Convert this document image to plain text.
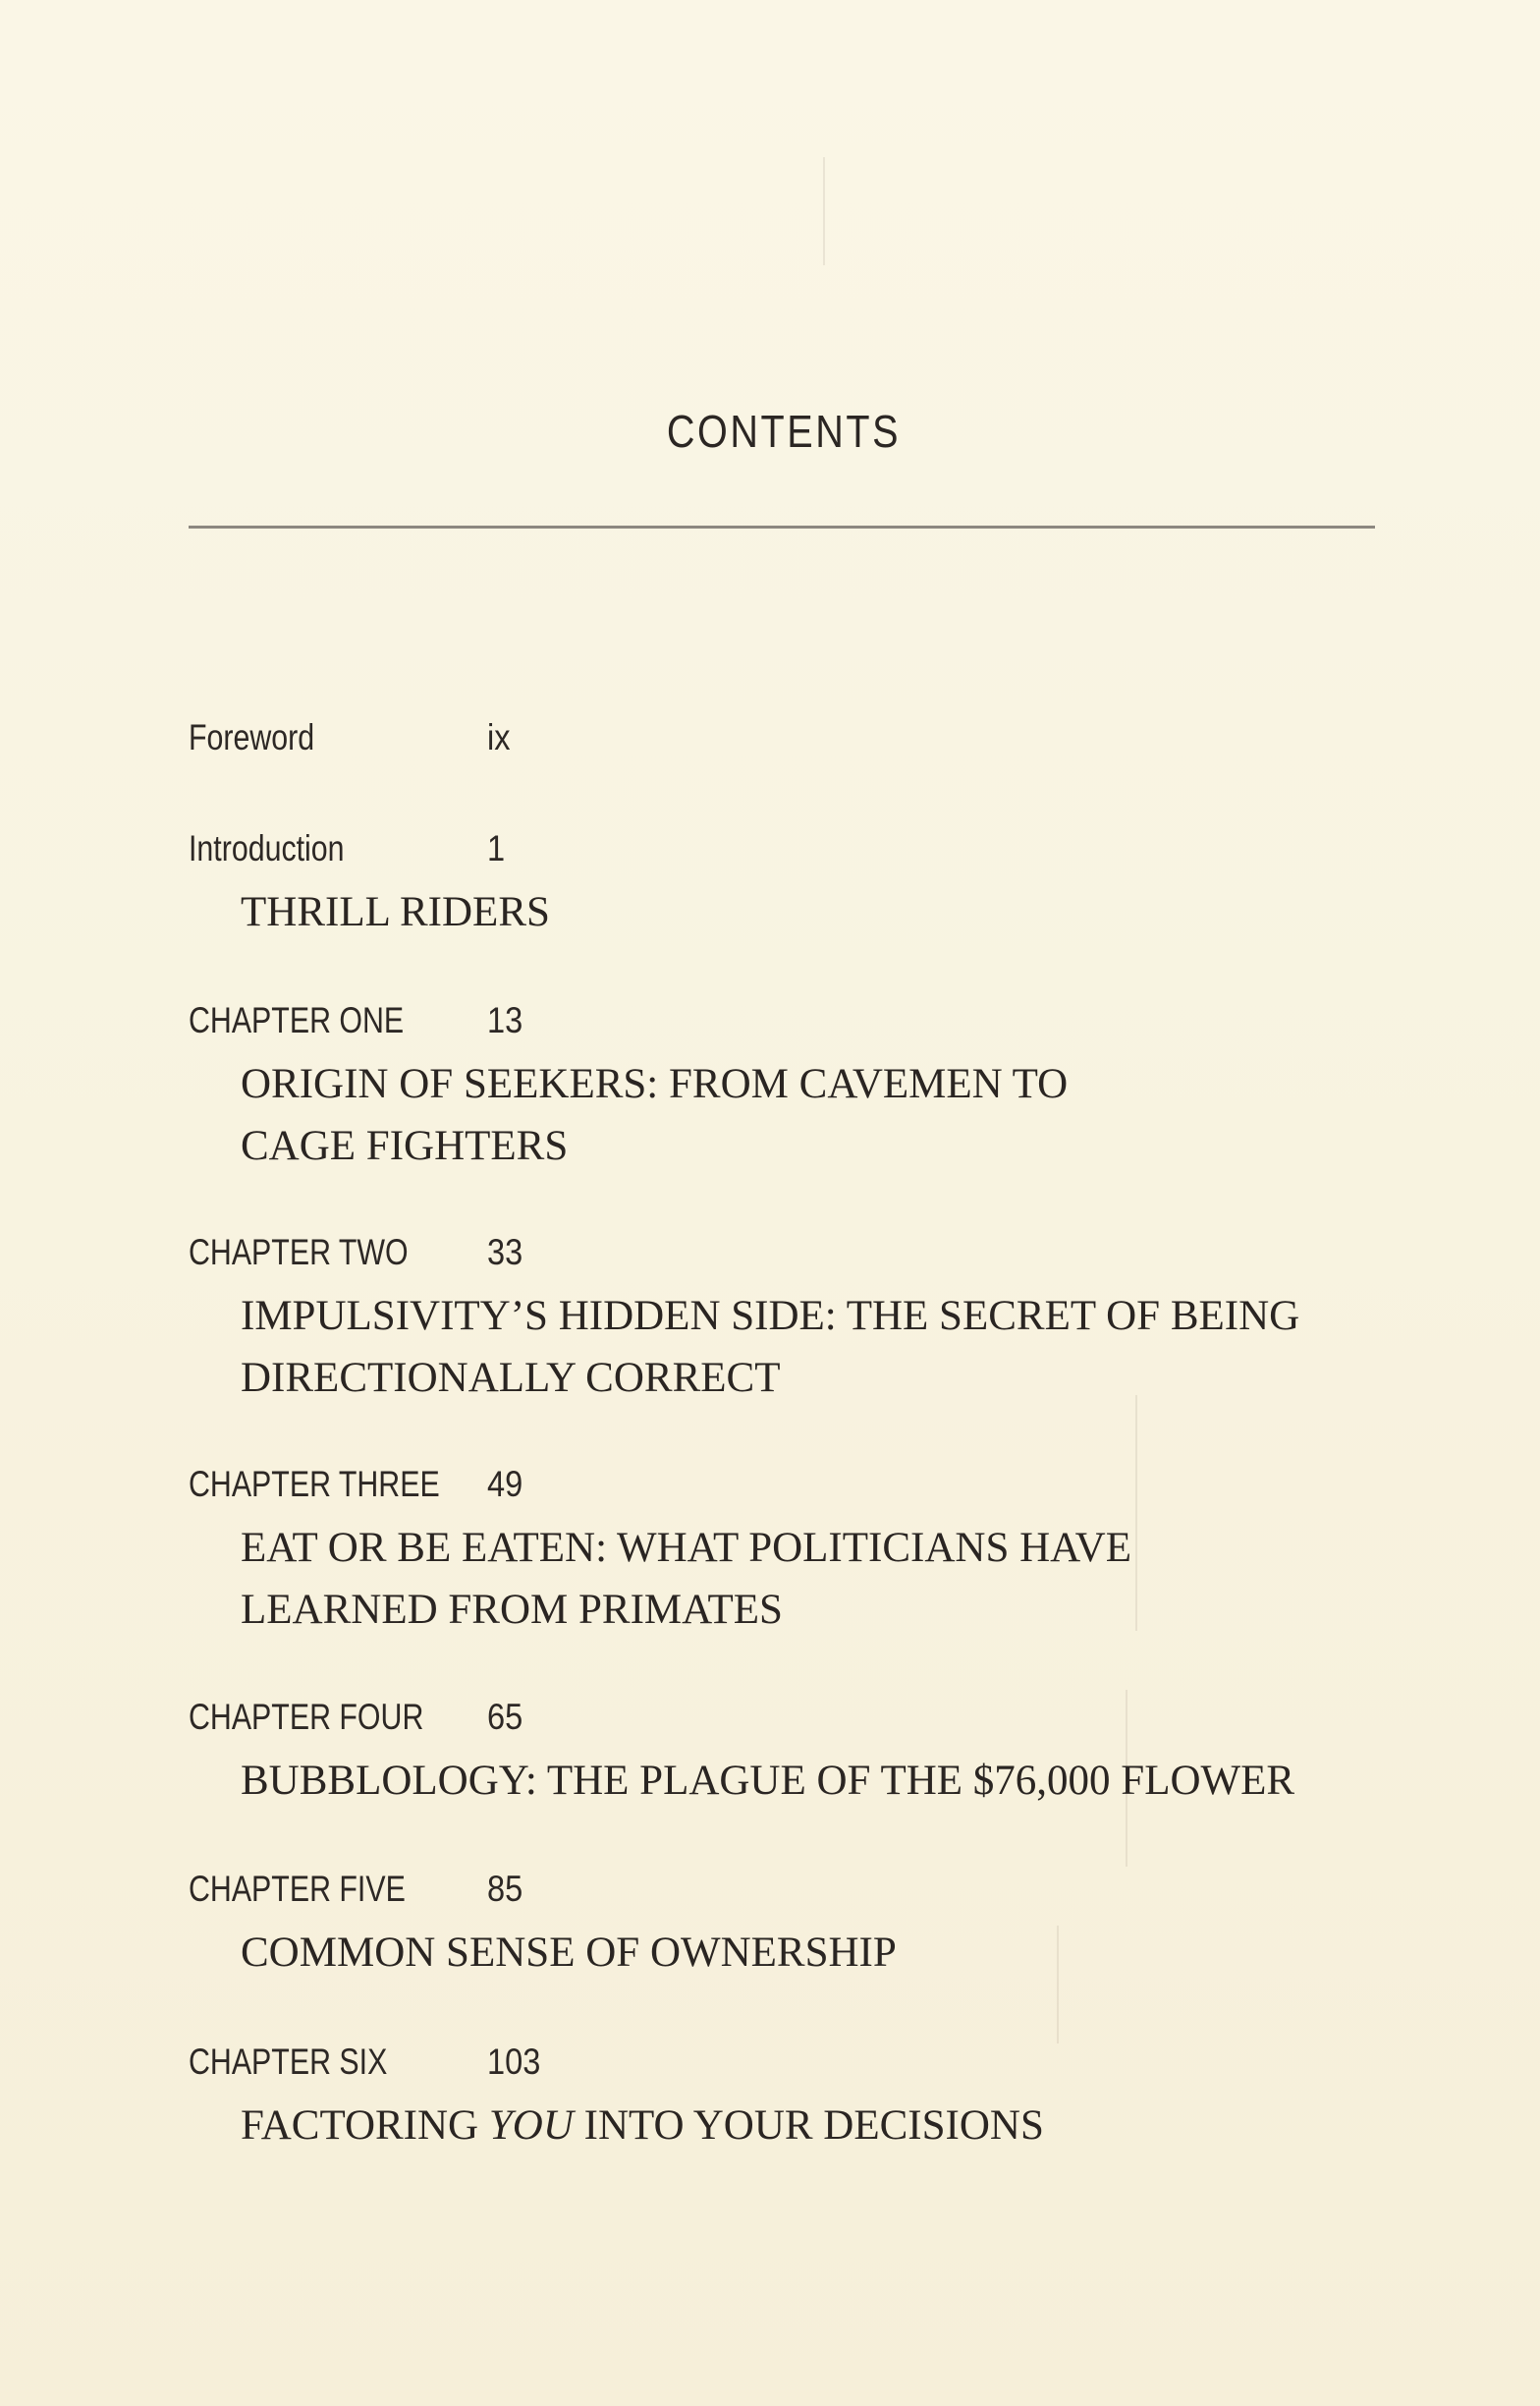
CONTENTS
Foreword	ix
Introduction	1
THRILL RIDERS
CHAPTER ONE	13
ORIGIN OF SEEKERS: FROM CAVEMEN TO
CAGE FIGHTERS
CHAPTER TWO	33
IMPULSIVITY’S HIDDEN SIDE: THE SECRET OF BEING
DIRECTIONALLY CORRECT
CHAPTER THREE 49
EAT OR BE EATEN: WHAT POLITICIANS HAVE
LEARNED FROM PRIMATES
CHAPTER FOUR 65
BUBBLOLOGY: THE PLAGUE OF THE $76,000 FLOWER
CHAPTER FIVE	85
COMMON SENSE OF OWNERSHIP
CHAPTER SIX	103
FACTORING YOU INTO YOUR DECISIONS
